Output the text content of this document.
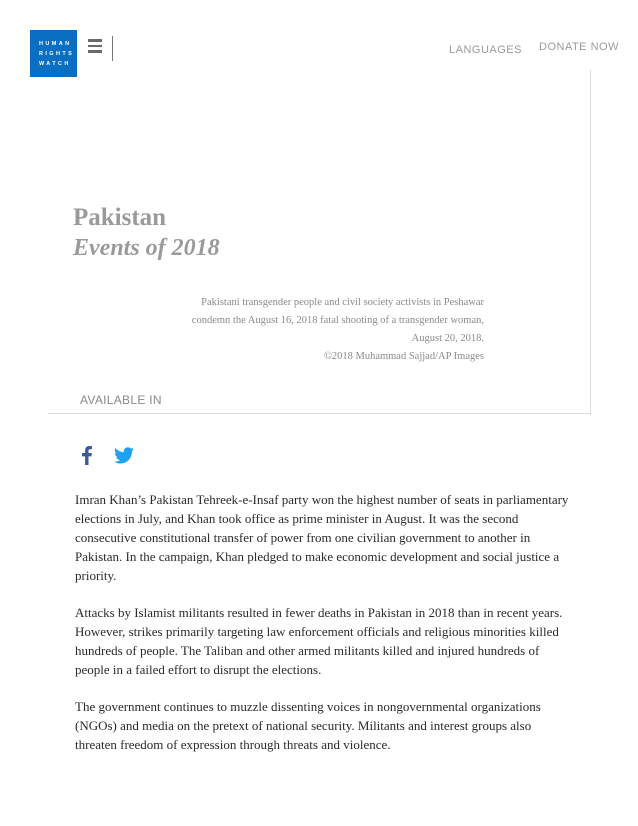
HUMAN
RIGHTS
WATCH
LANGUAGES DONATE NOW
Pakistan
Events of 2018
Pakistani transgender people and civil society activists in Peshawar
condemn the August 16, 2018 fatal shooting of a transgender woman,
August 20, 2018.
©2018 Muhammad Sajjad/AP Images
AVAILABLE IN

Imran Khan’s Pakistan Tehreek-e-Insaf party won the highest number of seats in parliamentary elections in July, and Khan took office as prime minister in August. It was the second consecutive constitutional transfer of power from one civilian government to another in Pakistan. In the campaign, Khan pledged to make economic development and social justice a priority.

Attacks by Islamist militants resulted in fewer deaths in Pakistan in 2018 than in recent years. However, strikes primarily targeting law enforcement officials and religious minorities killed hundreds of people. The Taliban and other armed militants killed and injured hundreds of people in a failed effort to disrupt the elections.

The government continues to muzzle dissenting voices in nongovernmental organizations (NGOs) and media on the pretext of national security. Militants and interest groups also threaten freedom of expression through threats and violence.
